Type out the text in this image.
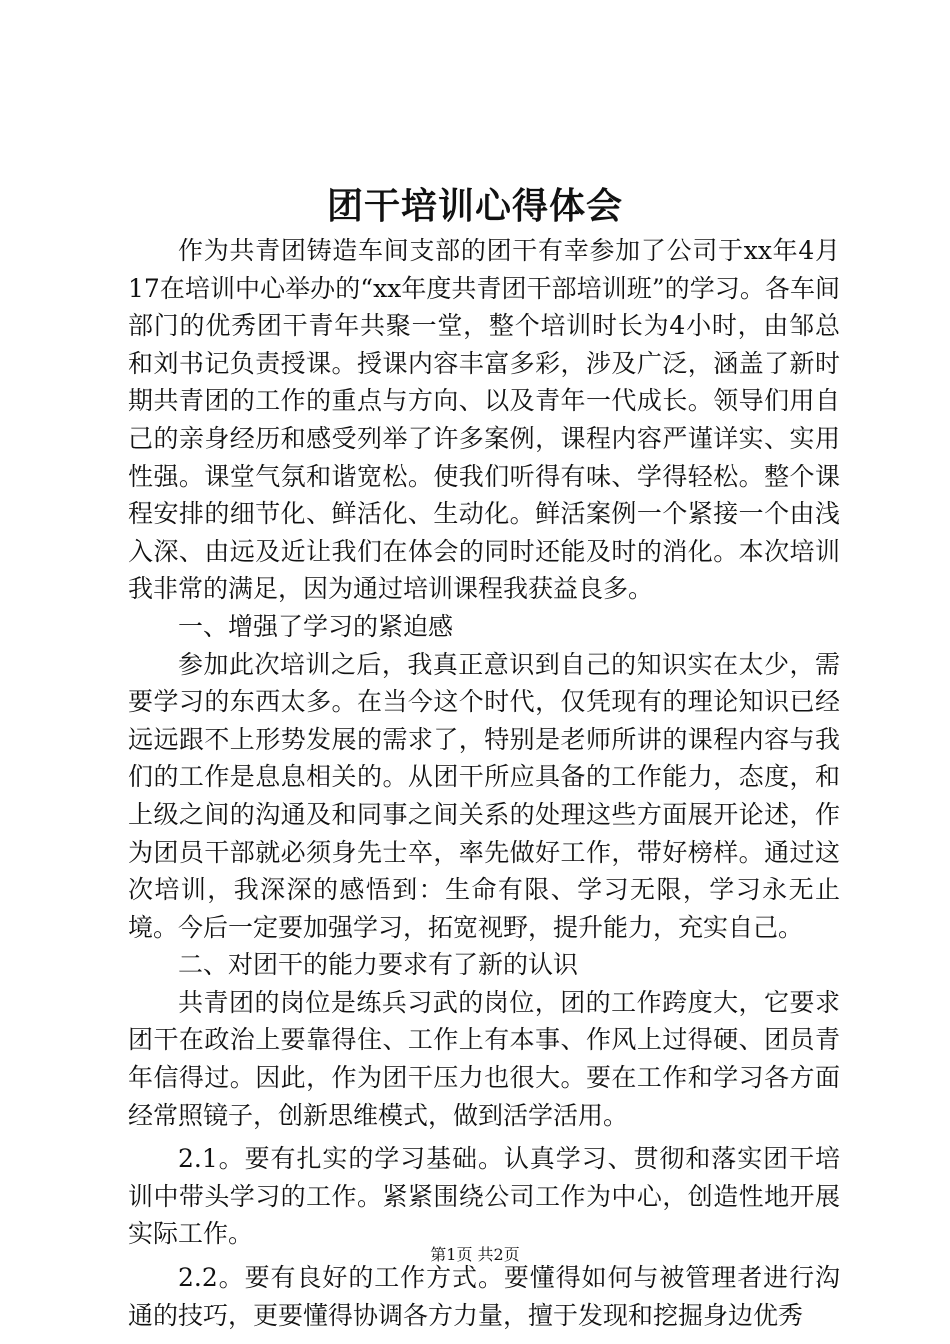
团干培训心得体会

作为共青团铸造车间支部的团干有幸参加了公司于xx年4月17在培训中心举办的“xx年度共青团干部培训班”的学习。各车间部门的优秀团干青年共聚一堂，整个培训时长为4小时，由邹总和刘书记负责授课。授课内容丰富多彩，涉及广泛，涵盖了新时期共青团的工作的重点与方向、以及青年一代成长。领导们用自己的亲身经历和感受列举了许多案例，课程内容严谨详实、实用性强。课堂气氛和谐宽松。使我们听得有味、学得轻松。整个课程安排的细节化、鲜活化、生动化。鲜活案例一个紧接一个由浅入深、由远及近让我们在体会的同时还能及时的消化。本次培训我非常的满足，因为通过培训课程我获益良多。

一、增强了学习的紧迫感

参加此次培训之后，我真正意识到自己的知识实在太少，需要学习的东西太多。在当今这个时代，仅凭现有的理论知识已经远远跟不上形势发展的需求了，特别是老师所讲的课程内容与我们的工作是息息相关的。从团干所应具备的工作能力，态度，和上级之间的沟通及和同事之间关系的处理这些方面展开论述，作为团员干部就必须身先士卒，率先做好工作，带好榜样。通过这次培训，我深深的感悟到：生命有限、学习无限，学习永无止境。今后一定要加强学习，拓宽视野，提升能力，充实自己。

二、对团干的能力要求有了新的认识

共青团的岗位是练兵习武的岗位，团的工作跨度大，它要求团干在政治上要靠得住、工作上有本事、作风上过得硬、团员青年信得过。因此，作为团干压力也很大。要在工作和学习各方面经常照镜子，创新思维模式，做到活学活用。

2.1。要有扎实的学习基础。认真学习、贯彻和落实团干培训中带头学习的工作。紧紧围绕公司工作为中心，创造性地开展实际工作。

2.2。要有良好的工作方式。要懂得如何与被管理者进行沟通的技巧，更要懂得协调各方力量，擅于发现和挖掘身边优秀

第1页 共2页
